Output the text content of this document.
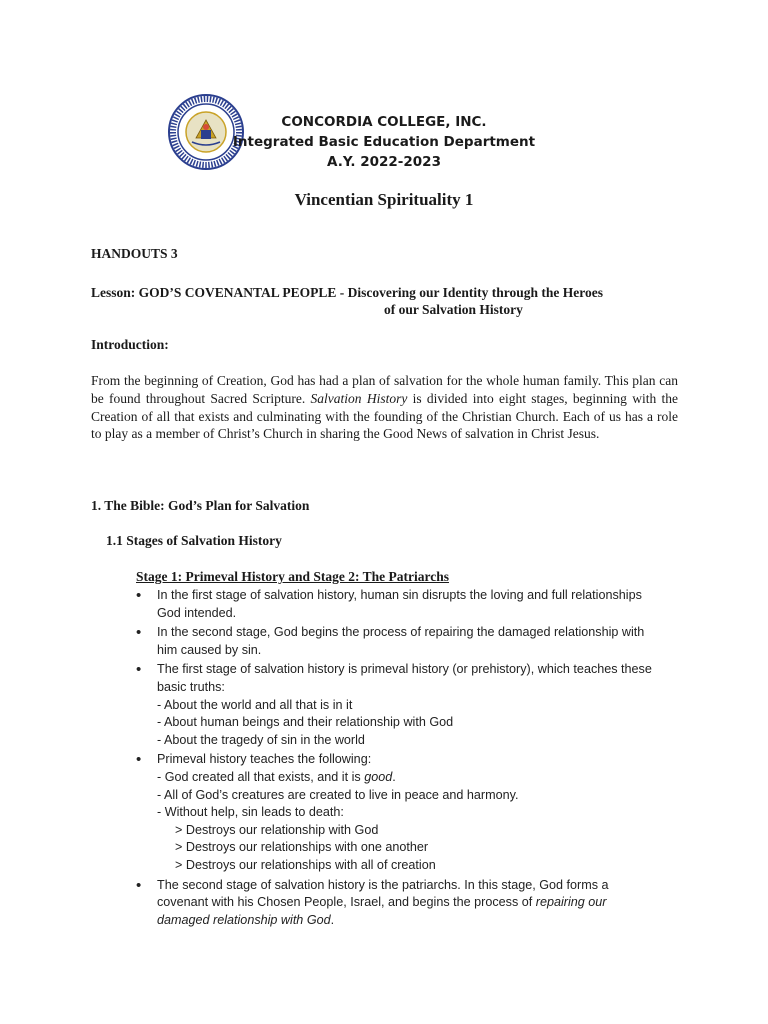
CONCORDIA COLLEGE, INC.
Integrated Basic Education Department
A.Y. 2022-2023
Vincentian Spirituality 1
HANDOUTS 3
Lesson: GOD’S COVENANTAL PEOPLE - Discovering our Identity through the Heroes
of our Salvation History
Introduction:
From the beginning of Creation, God has had a plan of salvation for the whole human family. This plan can be found throughout Sacred Scripture. Salvation History is divided into eight stages, beginning with the Creation of all that exists and culminating with the founding of the Christian Church. Each of us has a role to play as a member of Christ’s Church in sharing the Good News of salvation in Christ Jesus.
1. The Bible: God’s Plan for Salvation
1.1 Stages of Salvation History
Stage 1: Primeval History and Stage 2: The Patriarchs
• In the first stage of salvation history, human sin disrupts the loving and full relationships God intended.
• In the second stage, God begins the process of repairing the damaged relationship with him caused by sin.
• The first stage of salvation history is primeval history (or prehistory), which teaches these basic truths:
- About the world and all that is in it
- About human beings and their relationship with God
- About the tragedy of sin in the world
• Primeval history teaches the following:
- God created all that exists, and it is good.
- All of God’s creatures are created to live in peace and harmony.
- Without help, sin leads to death:
> Destroys our relationship with God
> Destroys our relationships with one another
> Destroys our relationships with all of creation
• The second stage of salvation history is the patriarchs. In this stage, God forms a covenant with his Chosen People, Israel, and begins the process of repairing our damaged relationship with God.
